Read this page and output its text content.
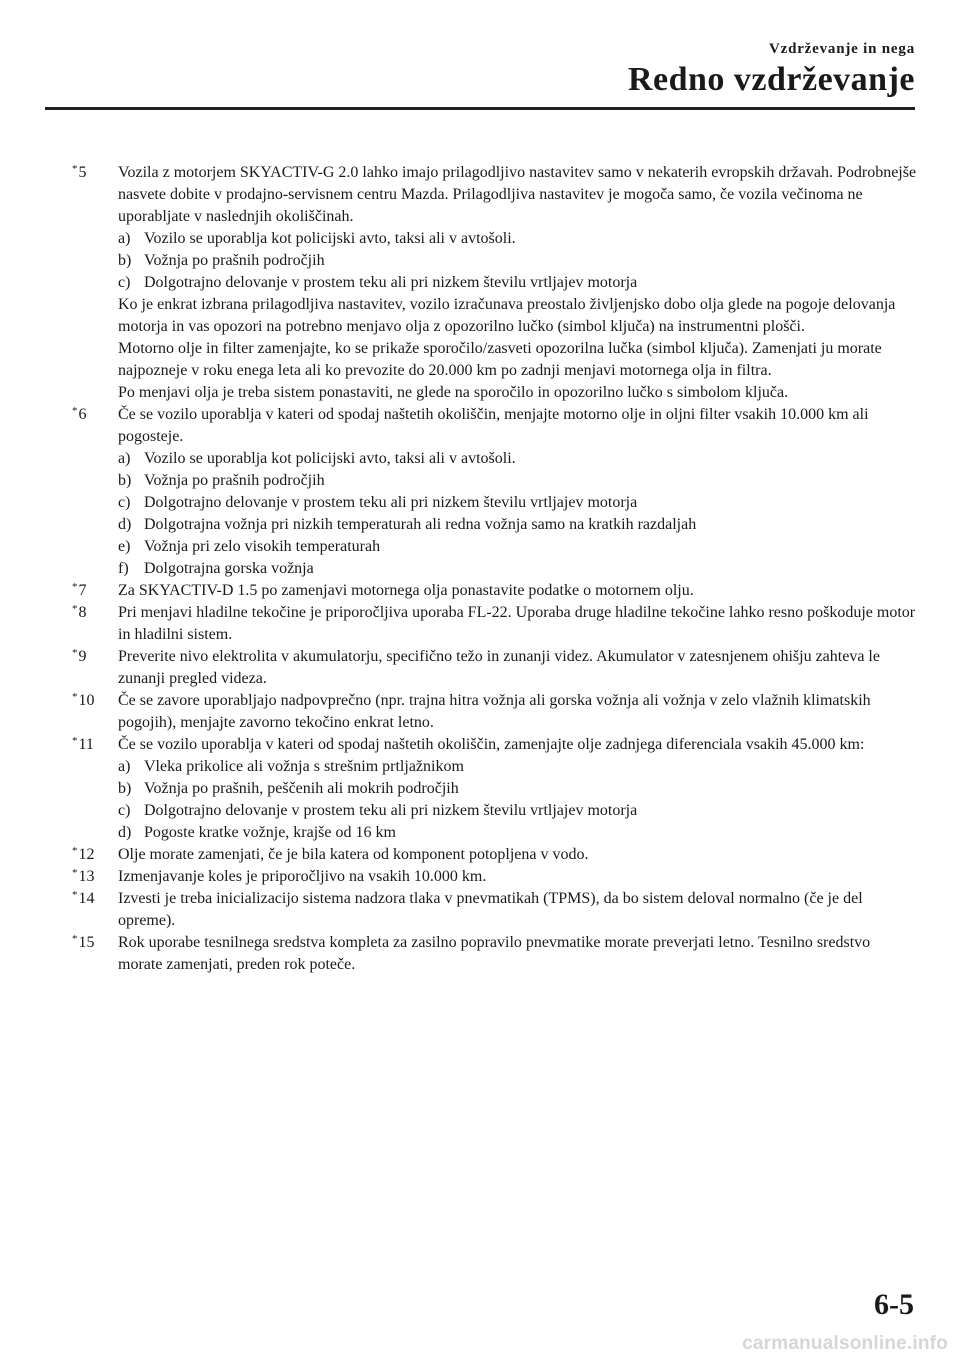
Vzdrževanje in nega
Redno vzdrževanje
*5 Vozila z motorjem SKYACTIV-G 2.0 lahko imajo prilagodljivo nastavitev samo v nekaterih evropskih državah. Podrobnejše nasvete dobite v prodajno-servisnem centru Mazda. Prilagodljiva nastavitev je mogoča samo, če vozila večinoma ne uporabljate v naslednjih okoliščinah.

a) Vozilo se uporablja kot policijski avto, taksi ali v avtošoli.
b) Vožnja po prašnih področjih
c) Dolgotrajno delovanje v prostem teku ali pri nizkem številu vrtljajev motorja

Ko je enkrat izbrana prilagodljiva nastavitev, vozilo izračunava preostalo življenjsko dobo olja glede na pogoje delovanja motorja in vas opozori na potrebno menjavo olja z opozorilno lučko (simbol ključa) na instrumentni plošči.

Motorno olje in filter zamenjajte, ko se prikaže sporočilo/zasveti opozorilna lučka (simbol ključa). Zamenjati ju morate najpozneje v roku enega leta ali ko prevozite do 20.000 km po zadnji menjavi motornega olja in filtra.

Po menjavi olja je treba sistem ponastaviti, ne glede na sporočilo in opozorilno lučko s simbolom ključa.

*6 Če se vozilo uporablja v kateri od spodaj naštetih okoliščin, menjajte motorno olje in oljni filter vsakih 10.000 km ali pogosteje.

a) Vozilo se uporablja kot policijski avto, taksi ali v avtošoli.
b) Vožnja po prašnih področjih
c) Dolgotrajno delovanje v prostem teku ali pri nizkem številu vrtljajev motorja
d) Dolgotrajna vožnja pri nizkih temperaturah ali redna vožnja samo na kratkih razdaljah
e) Vožnja pri zelo visokih temperaturah
f) Dolgotrajna gorska vožnja
*7 Za SKYACTIV-D 1.5 po zamenjavi motornega olja ponastavite podatke o motornem olju.

*8 Pri menjavi hladilne tekočine je priporočljiva uporaba FL-22. Uporaba druge hladilne tekočine lahko resno poškoduje motor in hladilni sistem.

*9 Preverite nivo elektrolita v akumulatorju, specifično težo in zunanji videz. Akumulator v zatesnjenem ohišju zahteva le zunanji pregled videza.

*10 Če se zavore uporabljajo nadpovprečno (npr. trajna hitra vožnja ali gorska vožnja ali vožnja v zelo vlažnih klimatskih pogojih), menjajte zavorno tekočino enkrat letno.

*11 Če se vozilo uporablja v kateri od spodaj naštetih okoliščin, zamenjajte olje zadnjega diferenciala vsakih 45.000 km:

a) Vleka prikolice ali vožnja s strešnim prtljažnikom
b) Vožnja po prašnih, peščenih ali mokrih področjih
c) Dolgotrajno delovanje v prostem teku ali pri nizkem številu vrtljajev motorja
d) Pogoste kratke vožnje, krajše od 16 km
*12 Olje morate zamenjati, če je bila katera od komponent potopljena v vodo.

*13 Izmenjavanje koles je priporočljivo na vsakih 10.000 km.

*14 Izvesti je treba inicializacijo sistema nadzora tlaka v pnevmatikah (TPMS), da bo sistem deloval normalno (če je del opreme).

*15 Rok uporabe tesnilnega sredstva kompleta za zasilno popravilo pnevmatike morate preverjati letno. Tesnilno sredstvo morate zamenjati, preden rok poteče.

6-5
carmanualsonline.info
